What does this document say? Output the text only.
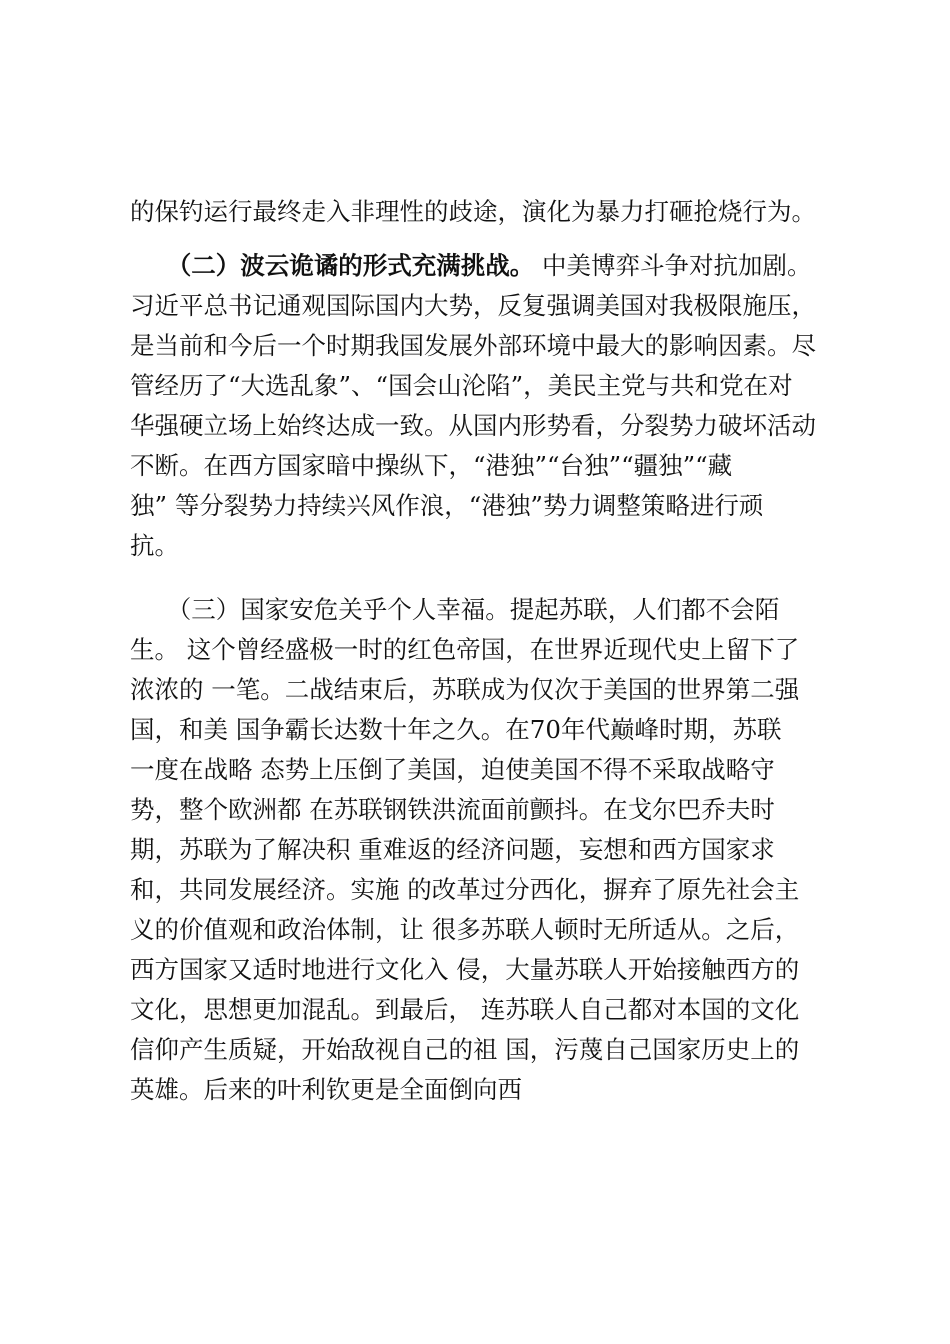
的保钓运行最终走入非理性的歧途，演化为暴力打砸抢烧行为。
　　（二）波云诡谲的形式充满挑战。 中美博弈斗争对抗加剧。
习近平总书记通观国际国内大势，反复强调美国对我极限施压，
是当前和今后一个时期我国发展外部环境中最大的影响因素。尽
管经历了“大选乱象”、“国会山沦陷”，美民主党与共和党在对
华强硬立场上始终达成一致。从国内形势看，分裂势力破坏活动
不断。在西方国家暗中操纵下，“港独”“台独”“疆独”“藏
独” 等分裂势力持续兴风作浪，“港独”势力调整策略进行顽
抗。
　　（三）国家安危关乎个人幸福。提起苏联，人们都不会陌
生。 这个曾经盛极一时的红色帝国，在世界近现代史上留下了
浓浓的 一笔。二战结束后，苏联成为仅次于美国的世界第二强
国，和美 国争霸长达数十年之久。在70年代巅峰时期，苏联
一度在战略 态势上压倒了美国，迫使美国不得不采取战略守
势，整个欧洲都 在苏联钢铁洪流面前颤抖。在戈尔巴乔夫时
期，苏联为了解决积 重难返的经济问题，妄想和西方国家求
和，共同发展经济。实施 的改革过分西化，摒弃了原先社会主
义的价值观和政治体制，让 很多苏联人顿时无所适从。之后，
西方国家又适时地进行文化入 侵，大量苏联人开始接触西方的
文化，思想更加混乱。到最后， 连苏联人自己都对本国的文化
信仰产生质疑，开始敌视自己的祖 国，污蔑自己国家历史上的
英雄。后来的叶利钦更是全面倒向西
